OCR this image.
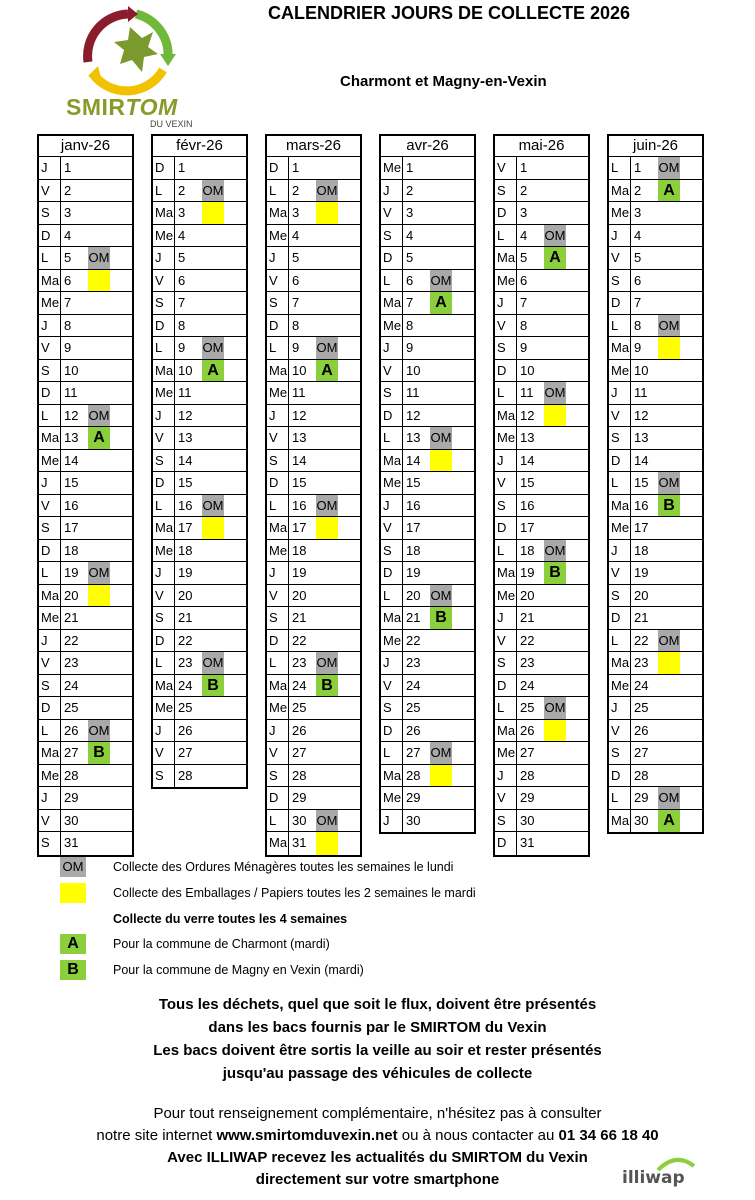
SMIRTOM
DU VEXIN
CALENDRIER JOURS DE COLLECTE 2026
Charmont et Magny-en-Vexin
janv-26
J	1
V	2
S	3
D	4
L	5	OM
Ma 6
Me 7
J	8
V	9
S	10
D	11
L	12 OM
Ma 13 A
Me 14
J	15
V	16
S	17
D	18
L	19 OM
Ma 20
Me 21
J	22
V	23
S	24
D	25
L	26 OM
Ma 27 B
Me 28
J	29
V	30
S	31
févr-26
D	1
L	2	OM
Ma 3
Me 4
J	5
V	6
S	7
D	8
L	9	OM
Ma 10 A
Me 11
J	12
V	13
S	14
D	15
L	16 OM
Ma 17
Me 18
J	19
V	20
S	21
D	22
L	23 OM
Ma 24 B
Me 25
J	26
V	27
S	28
mars-26
D	1
L	2	OM
Ma 3
Me 4
J	5
V	6
S	7
D	8
L	9	OM
Ma 10 A
Me 11
J	12
V	13
S	14
D	15
L	16 OM
Ma 17
Me 18
J	19
V	20
S	21
D	22
L	23 OM
Ma 24 B
Me 25
J	26
V	27
S	28
D	29
L	30 OM
Ma 31
avr-26
Me 1
J	2
V	3
S	4
D	5
L	6	OM
Ma 7	A
Me 8
J	9
V	10
S	11
D	12
L	13 OM
Ma 14
Me 15
J	16
V	17
S	18
D	19
L	20 OM
Ma 21 B
Me 22
J	23
V	24
S	25
D	26
L	27 OM
Ma 28
Me 29
J	30
mai-26
V	1
S	2
D	3
L	4	OM
Ma 5	A
Me 6
J	7
V	8
S	9
D	10
L	11 OM
Ma 12
Me 13
J	14
V	15
S	16
D	17
L	18 OM
Ma 19 B
Me 20
J	21
V	22
S	23
D	24
L	25 OM
Ma 26
Me 27
J	28
V	29
S	30
D	31
juin-26
L	1	OM
Ma 2	A
Me 3
J	4
V	5
S	6
D	7
L	8	OM
Ma 9
Me 10
J	11
V	12
S	13
D	14
L	15 OM
Ma 16 B
Me 17
J	18
V	19
S	20
D	21
L	22 OM
Ma 23
Me 24
J	25
V	26
S	27
D	28
L	29 OM
Ma 30 A
OM Collecte des Ordures Ménagères toutes les semaines le lundi
Collecte des Emballages / Papiers toutes les 2 semaines le mardi
Collecte du verre toutes les 4 semaines
A	Pour la commune de Charmont (mardi)
B	Pour la commune de Magny en Vexin (mardi)
Tous les déchets, quel que soit le flux, doivent être présentés
dans les bacs fournis par le SMIRTOM du Vexin
Les bacs doivent être sortis la veille au soir et rester présentés
jusqu'au passage des véhicules de collecte
Pour tout renseignement complémentaire, n'hésitez pas à consulter
notre site internet www.smirtomduvexin.net ou à nous contacter au 01 34 66 18 40
Avec ILLIWAP recevez les actualités du SMIRTOM du Vexin
directement sur votre smartphone	illiwap
